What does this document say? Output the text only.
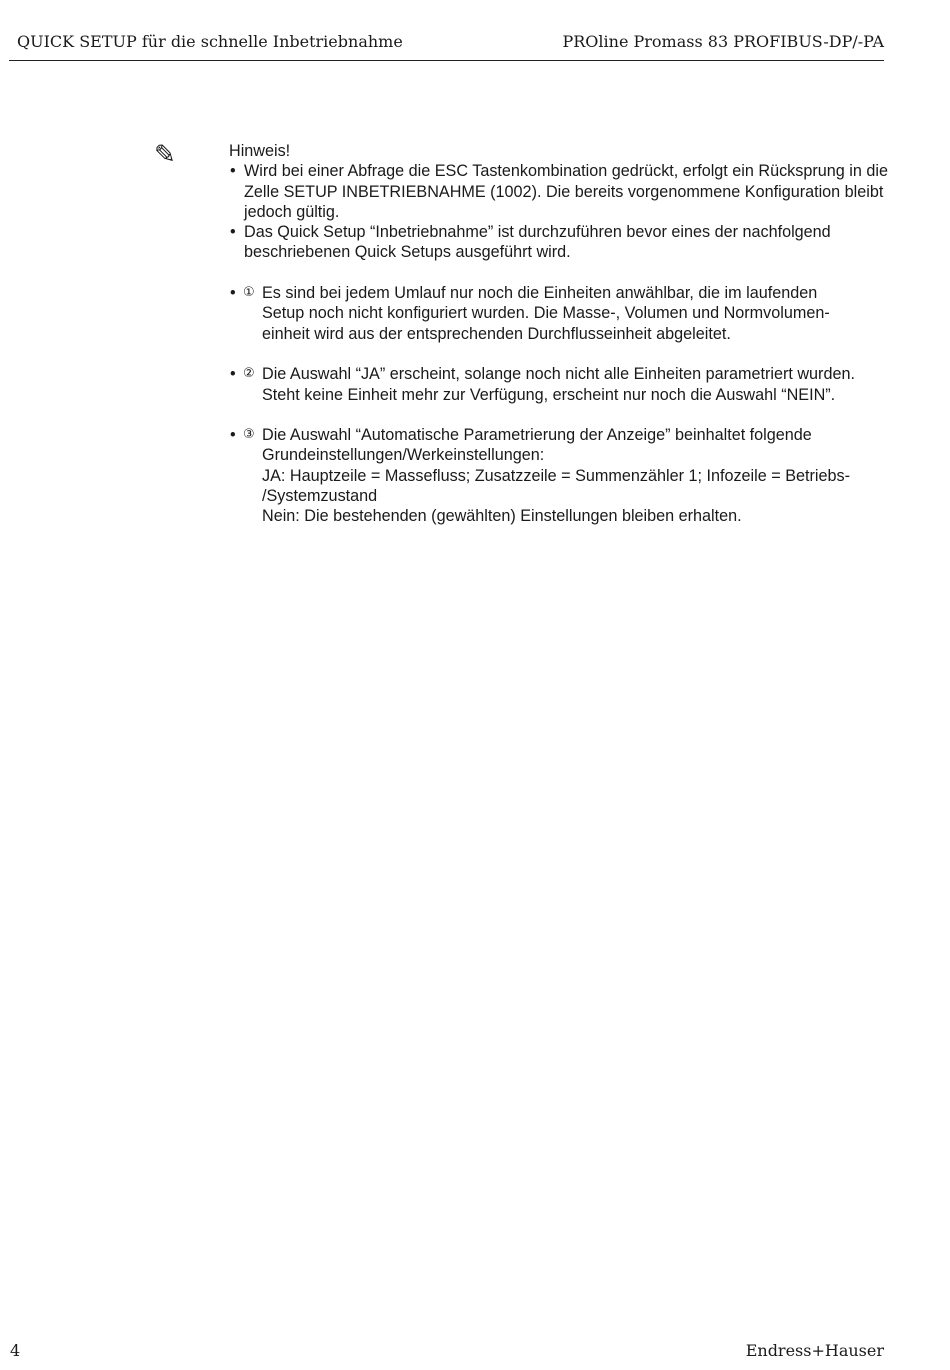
QUICK SETUP für die schnelle Inbetriebnahme	PROline Promass 83 PROFIBUS-DP/-PA
✎	Hinweis!
• Wird bei einer Abfrage die ESC Tastenkombination gedrückt, erfolgt ein Rücksprung in die Zelle SETUP INBETRIEBNAHME (1002). Die bereits vorgenommene Konfiguration bleibt jedoch gültig.
• Das Quick Setup “Inbetriebnahme” ist durchzuführen bevor eines der nachfolgend beschriebenen Quick Setups ausgeführt wird.
• ① Es sind bei jedem Umlauf nur noch die Einheiten anwählbar, die im laufenden
Setup noch nicht konfiguriert wurden. Die Masse-, Volumen und Normvolumen-
einheit wird aus der entsprechenden Durchflusseinheit abgeleitet.
• ② Die Auswahl “JA” erscheint, solange noch nicht alle Einheiten parametriert wurden.
Steht keine Einheit mehr zur Verfügung, erscheint nur noch die Auswahl “NEIN”.
• ③ Die Auswahl “Automatische Parametrierung der Anzeige” beinhaltet folgende
Grundeinstellungen/Werkeinstellungen:
JA: Hauptzeile = Massefluss; Zusatzzeile = Summenzähler 1; Infozeile = Betriebs-
/Systemzustand
Nein: Die bestehenden (gewählten) Einstellungen bleiben erhalten.
4	Endress+Hauser
